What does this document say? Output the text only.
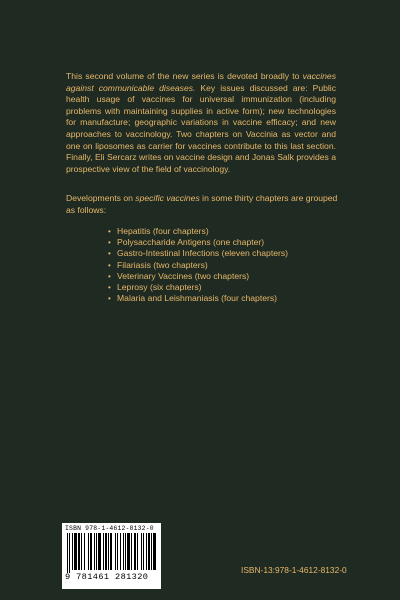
This second volume of the new series is devoted broadly to vaccines against communicable diseases. Key issues discussed are: Public health usage of vaccines for universal immunization (including problems with maintaining supplies in active form); new technologies for manufacture; geographic variations in vaccine efficacy; and new approaches to vaccinology. Two chapters on Vaccinia as vector and one on liposomes as carrier for vaccines contribute to this last section. Finally, Eli Sercarz writes on vaccine design and Jonas Salk provides a prospective view of the field of vaccinology.

Developments on specific vaccines in some thirty chapters are grouped as follows:

• Hepatitis (four chapters)
• Polysaccharide Antigens (one chapter)
• Gastro-Intestinal Infections (eleven chapters)
• Filariasis (two chapters)
• Veterinary Vaccines (two chapters)
• Leprosy (six chapters)
• Malaria and Leishmaniasis (four chapters)
ISBN 978-1-4612-8132-0
9 781461 281320
ISBN-13:978-1-4612-8132-0
